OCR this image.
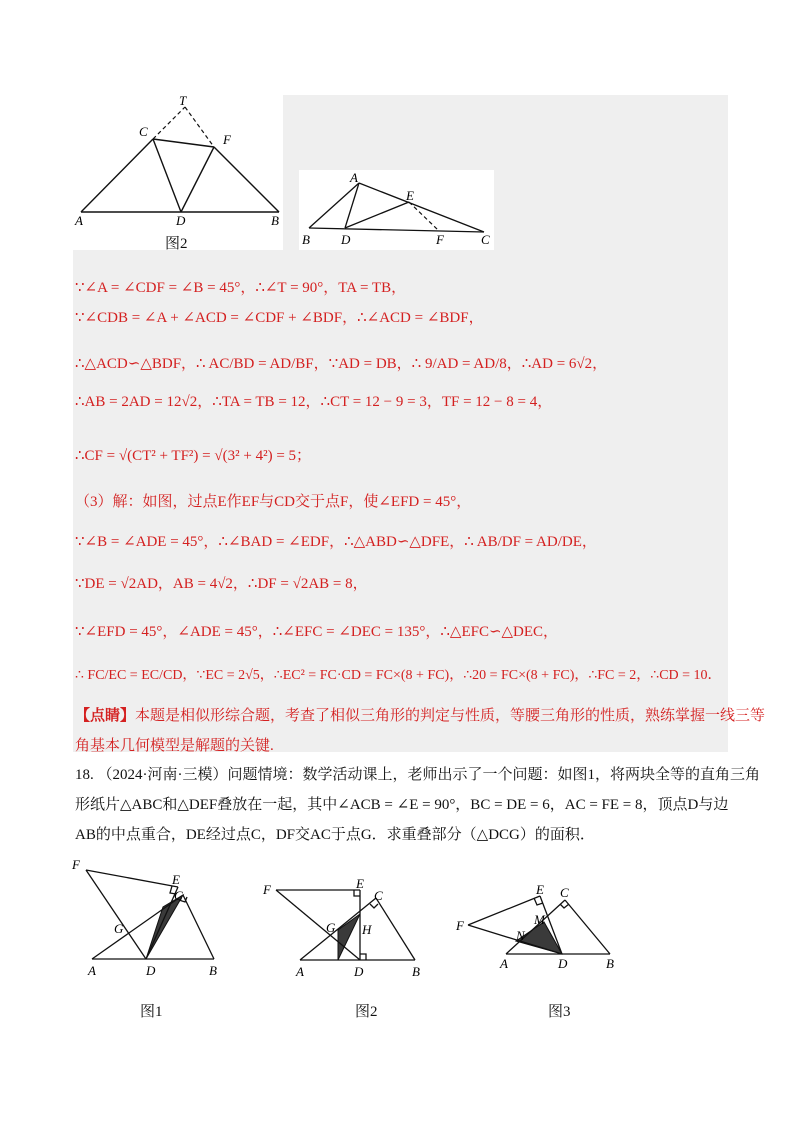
T
C
F
A	D	B
图2
A
E
B D	F	C
∵∠A = ∠CDF = ∠B = 45°，∴∠T = 90°，TA = TB，
∵∠CDB = ∠A + ∠ACD = ∠CDF + ∠BDF，∴∠ACD = ∠BDF，
∴△ACD∽△BDF，∴ AC/BD = AD/BF，∵AD = DB，∴ 9/AD = AD/8，∴AD = 6√2，
∴AB = 2AD = 12√2，∴TA = TB = 12，∴CT = 12 − 9 = 3，TF = 12 − 8 = 4，
∴CF = √(CT² + TF²) = √(3² + 4²) = 5；
（3）解：如图，过点E作EF与CD交于点F，使∠EFD = 45°，
∵∠B = ∠ADE = 45°，∴∠BAD = ∠EDF，∴△ABD∽△DFE，∴ AB/DF = AD/DE，
∵DE = √2AD，AB = 4√2，∴DF = √2AB = 8，
∵∠EFD = 45°，∠ADE = 45°，∴∠EFC = ∠DEC = 135°，∴△EFC∽△DEC，
∴ FC/EC = EC/CD，∵EC = 2√5，∴EC² = FC·CD = FC×(8 + FC)，∴20 = FC×(8 + FC)，∴FC = 2，∴CD = 10．
【点睛】本题是相似形综合题，考查了相似三角形的判定与性质，等腰三角形的性质，熟练掌握一线三等
角基本几何模型是解题的关键.
18. （2024·河南·三模）问题情境：数学活动课上，老师出示了一个问题：如图1，将两块全等的直角三角
形纸片△ABC和△DEF叠放在一起，其中∠ACB = ∠E = 90°，BC = DE = 6，AC = FE = 8，顶点D与边
AB的中点重合，DE经过点C，DF交AC于点G．求重叠部分（△DCG）的面积．
F
E
C
G
A	D	B
图1
F	E
C
G H
A	D	B
图2
E C
M
F
N
A	D	B
图3
